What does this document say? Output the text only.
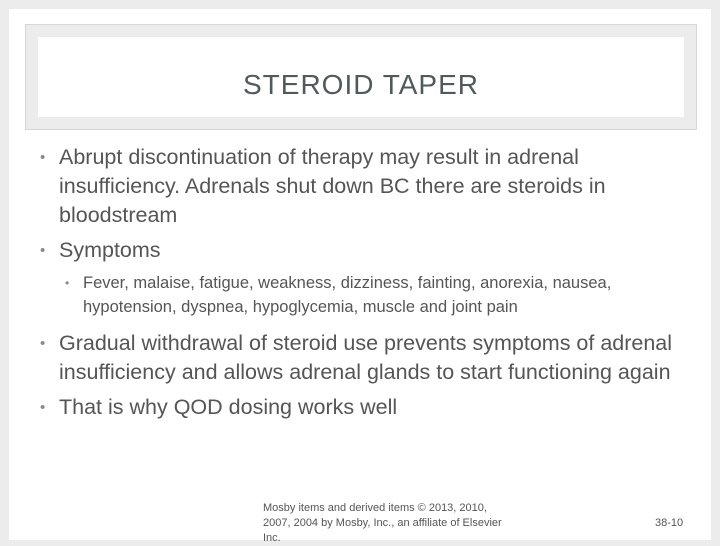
STEROID TAPER
• Abrupt discontinuation of therapy may result in adrenal insufficiency. Adrenals shut down BC there are steroids in bloodstream
• Symptoms
• Fever, malaise, fatigue, weakness, dizziness, fainting, anorexia, nausea, hypotension, dyspnea, hypoglycemia, muscle and joint pain
• Gradual withdrawal of steroid use prevents symptoms of adrenal insufficiency and allows adrenal glands to start functioning again
• That is why QOD dosing works well
Mosby items and derived items © 2013, 2010, 2007, 2004 by Mosby, Inc., an affiliate of Elsevier Inc.
38-10
